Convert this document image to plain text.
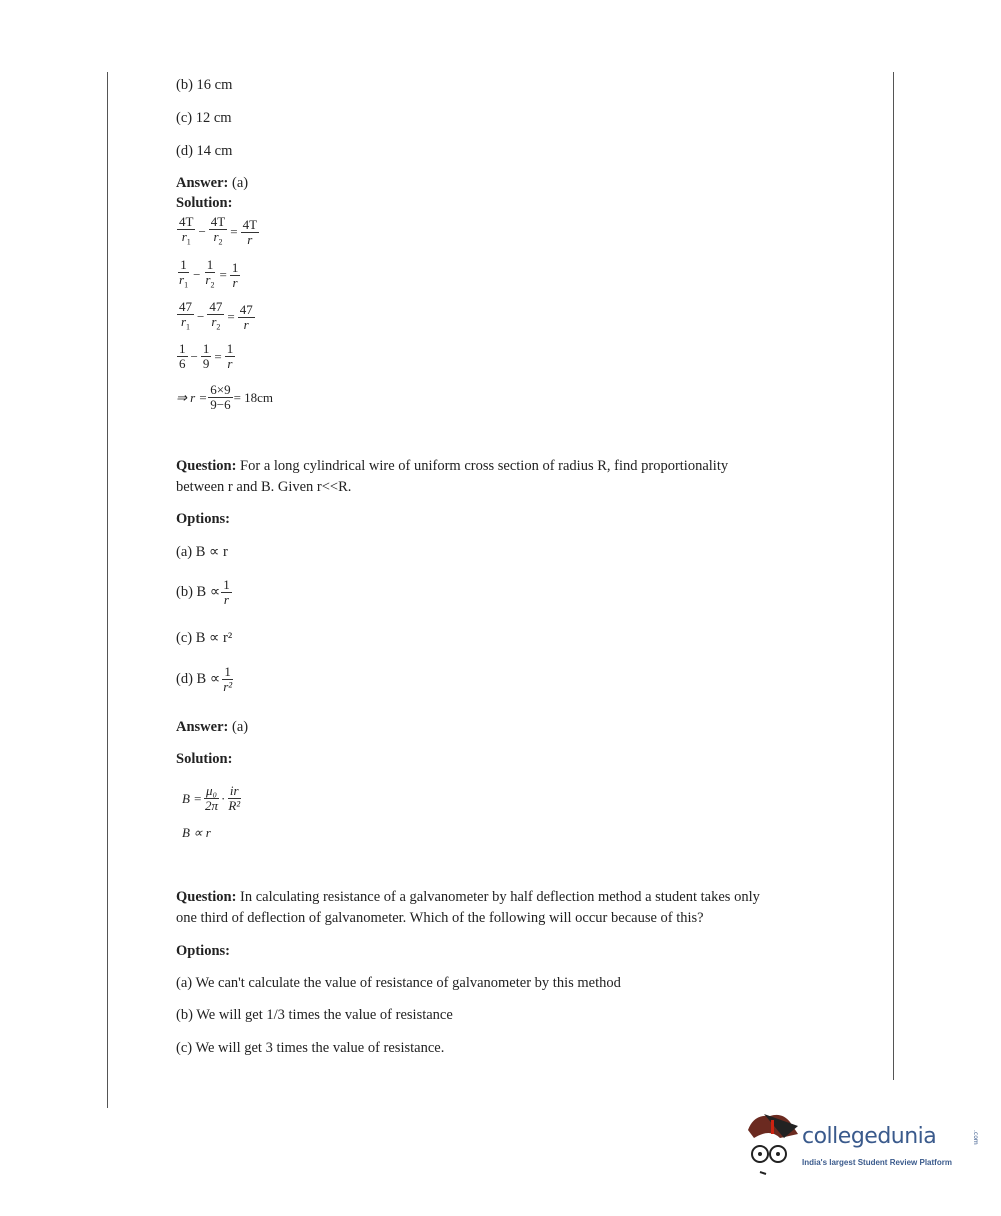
(b) 16 cm
(c) 12 cm
(d) 14 cm
Answer: (a)
Solution:
$\frac{4T}{r_1} - \frac{4T}{r_2} = \frac{4T}{r}$
$\frac{1}{r_1} - \frac{1}{r_2} = \frac{1}{r}$
$\frac{47}{r_1} - \frac{47}{r_2} = \frac{47}{r}$
$\frac{1}{6} - \frac{1}{9} = \frac{1}{r}$
⇒ $r = \frac{6\times 9}{9-6} = 18cm$
Question: For a long cylindrical wire of uniform cross section of radius R, find proportionality
between r and B. Given r<<R.
Options:
(a) B ∝ r
(b) $B \propto \frac{1}{r}$
(c) B ∝ r²
(d) $B \propto \frac{1}{\text{r²}}$
Answer: (a)
Solution:
$B = \frac{\text{μ₀}}{2\pi} \cdot \frac{ir}{\text{R²}}$
B ∝ r
Question: In calculating resistance of a galvanometer by half deflection method a student takes only
one third of deflection of galvanometer. Which of the following will occur because of this?
Options:
(a) We can't calculate the value of resistance of galvanometer by this method
(b) We will get 1/3 times the value of resistance
(c) We will get 3 times the value of resistance.
collegedunia	.com
India's largest Student Review Platform
